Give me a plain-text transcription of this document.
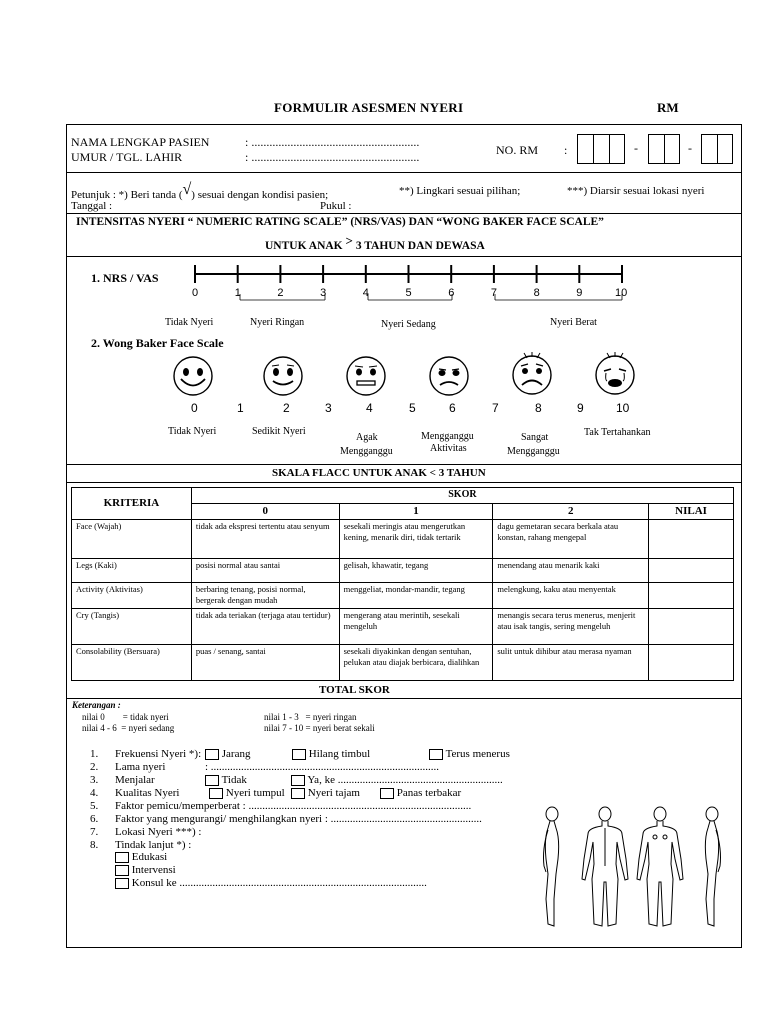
FORMULIR ASESMEN NYERI	RM
NAMA LENGKAP PASIEN	: ........................................................
UMUR / TGL. LAHIR	: ........................................................	NO. RM :	-	-
Petunjuk : *) Beri tanda (√) sesuai dengan kondisi pasien;	**) Lingkari sesuai pilihan;	***) Diarsir sesuai lokasi nyeri
Tanggal :	Pukul :
INTENSITAS NYERI “ NUMERIC RATING SCALE” (NRS/VAS) DAN “WONG BAKER FACE SCALE”
UNTUK ANAK > 3 TAHUN DAN DEWASA
1. NRS / VAS
0	1	2	3	4	5	6	7	8	9	10
Tidak Nyeri	Nyeri Ringan	Nyeri Sedang	Nyeri Berat
2. Wong Baker Face Scale
0	1	2	3	4	5	6	7	8	9	10
Tidak Nyeri	Sedikit Nyeri
Agak
Mengganggu
Mengganggu
Aktivitas
Sangat
Mengganggu
Tak Tertahankan
SKALA FLACC UNTUK ANAK < 3 TAHUN
KRITERIA	SKOR			
	0	1	2	NILAI
Face (Wajah)	tidak ada ekspresi tertentu atau senyum	sesekali meringis atau mengerutkan kening, menarik diri, tidak tertarik	dagu gemetaran secara berkala atau konstan, rahang mengepal	
Legs (Kaki)	posisi normal atau santai	gelisah, khawatir, tegang	menendang atau menarik kaki	
Activity (Aktivitas)	berbaring tenang, posisi normal, bergerak dengan mudah	menggeliat, mondar-mandir, tegang	melengkung, kaku atau menyentak	
Cry (Tangis)	tidak ada teriakan (terjaga atau tertidur)	mengerang atau merintih, sesekali mengeluh	menangis secara terus menerus, menjerit atau isak tangis, sering mengeluh	
Consolability (Bersuara)	puas / senang, santai	sesekali diyakinkan dengan sentuhan, pelukan atau diajak berbicara, dialihkan	sulit untuk dihibur atau merasa nyaman	
TOTAL SKOR
Keterangan :
nilai 0        = tidak nyeri	nilai 1 - 3   = nyeri ringan
nilai 4 - 6  = nyeri sedang	nilai 7 - 10 = nyeri berat sekali
1. Frekuensi Nyeri *):	Jarang	Hilang timbul	Terus menerus
2. Lama nyeri	: ...................................................................................
3. Menjalar	Tidak	Ya, ke ............................................................
4. Kualitas Nyeri	Nyeri tumpul	Nyeri tajam	Panas terbakar
5. Faktor pemicu/memperberat : .................................................................................
6. Faktor yang mengurangi/ menghilangkan nyeri : .......................................................
7. Lokasi Nyeri ***) :
8. Tindak lanjut *) :
Edukasi
Intervensi
Konsul ke ..........................................................................................
